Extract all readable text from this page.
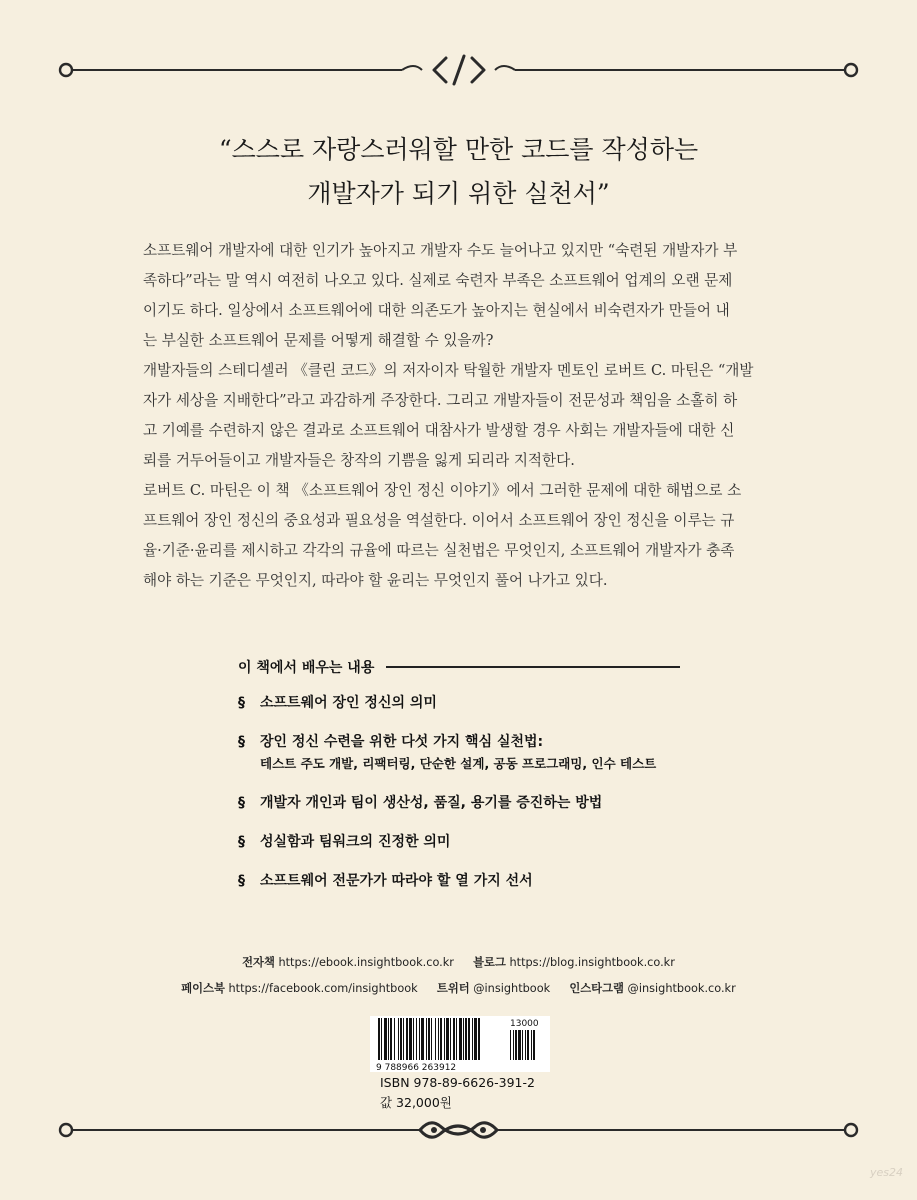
“스스로 자랑스러워할 만한 코드를 작성하는
개발자가 되기 위한 실천서”

소프트웨어 개발자에 대한 인기가 높아지고 개발자 수도 늘어나고 있지만 “숙련된 개발자가 부

족하다”라는 말 역시 여전히 나오고 있다. 실제로 숙련자 부족은 소프트웨어 업계의 오랜 문제

이기도 하다. 일상에서 소프트웨어에 대한 의존도가 높아지는 현실에서 비숙련자가 만들어 내

는 부실한 소프트웨어 문제를 어떻게 해결할 수 있을까?

개발자들의 스테디셀러 《클린 코드》의 저자이자 탁월한 개발자 멘토인 로버트 C. 마틴은 “개발

자가 세상을 지배한다”라고 과감하게 주장한다. 그리고 개발자들이 전문성과 책임을 소홀히 하

고 기예를 수련하지 않은 결과로 소프트웨어 대참사가 발생할 경우 사회는 개발자들에 대한 신

뢰를 거두어들이고 개발자들은 창작의 기쁨을 잃게 되리라 지적한다.

로버트 C. 마틴은 이 책 《소프트웨어 장인 정신 이야기》에서 그러한 문제에 대한 해법으로 소

프트웨어 장인 정신의 중요성과 필요성을 역설한다. 이어서 소프트웨어 장인 정신을 이루는 규

율·기준·윤리를 제시하고 각각의 규율에 따르는 실천법은 무엇인지, 소프트웨어 개발자가 충족

해야 하는 기준은 무엇인지, 따라야 할 윤리는 무엇인지 풀어 나가고 있다.

이 책에서 배우는 내용
§ 소프트웨어 장인 정신의 의미
§ 장인 정신 수련을 위한 다섯 가지 핵심 실천법:
테스트 주도 개발, 리팩터링, 단순한 설계, 공동 프로그래밍, 인수 테스트
§ 개발자 개인과 팀이 생산성, 품질, 용기를 증진하는 방법
§ 성실함과 팀워크의 진정한 의미
§ 소프트웨어 전문가가 따라야 할 열 가지 선서
전자책 https://ebook.insightbook.co.kr 블로그 https://blog.insightbook.co.kr
페이스북 https://facebook.com/insightbook 트위터 @insightbook 인스타그램 @insightbook.co.kr
9 788966 263912
13000
ISBN 978-89-6626-391-2
값 32,000원
yes24
